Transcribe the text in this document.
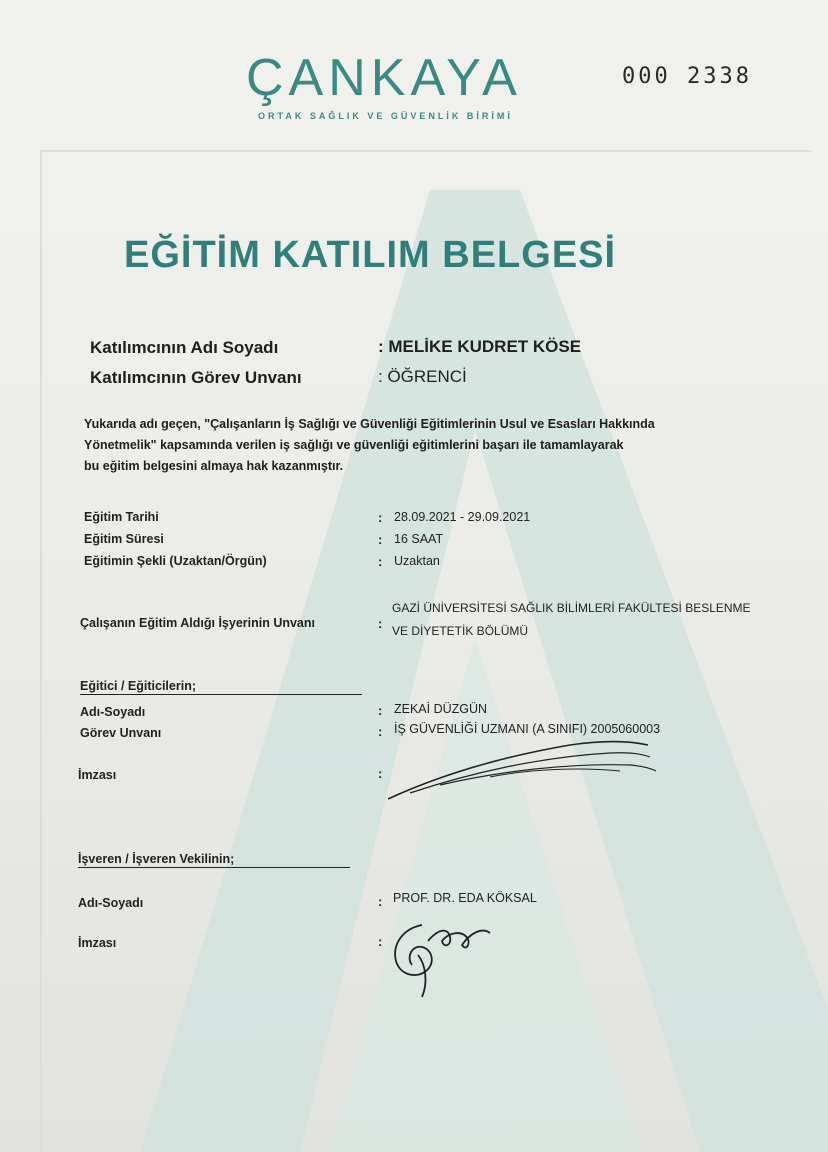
ÇANKAYA
ORTAK SAĞLIK VE GÜVENLİK BİRİMİ
000 2338
EĞİTİM KATILIM BELGESİ
Katılımcının Adı Soyadı	: MELİKE KUDRET KÖSE
Katılımcının Görev Unvanı	: ÖĞRENCİ
Yukarıda adı geçen, "Çalışanların İş Sağlığı ve Güvenliği Eğitimlerinin Usul ve Esasları Hakkında
Yönetmelik" kapsamında verilen iş sağlığı ve güvenliği eğitimlerini başarı ile tamamlayarak
bu eğitim belgesini almaya hak kazanmıştır.
Eğitim Tarihi	: 28.09.2021 - 29.09.2021
Eğitim Süresi	: 16 SAAT
Eğitimin Şekli (Uzaktan/Örgün)	: Uzaktan
Çalışanın Eğitim Aldığı İşyerinin Unvanı	:
GAZİ ÜNİVERSİTESİ SAĞLIK BİLİMLERİ FAKÜLTESİ BESLENME
VE DİYETETİK BÖLÜMÜ
Eğitici / Eğiticilerin;
Adı-Soyadı	: ZEKAİ DÜZGÜN
Görev Unvanı	: İŞ GÜVENLİĞİ UZMANI (A SINIFI) 2005060003
İmzası	:
İşveren / İşveren Vekilinin;
Adı-Soyadı	: PROF. DR. EDA KÖKSAL
İmzası	:
